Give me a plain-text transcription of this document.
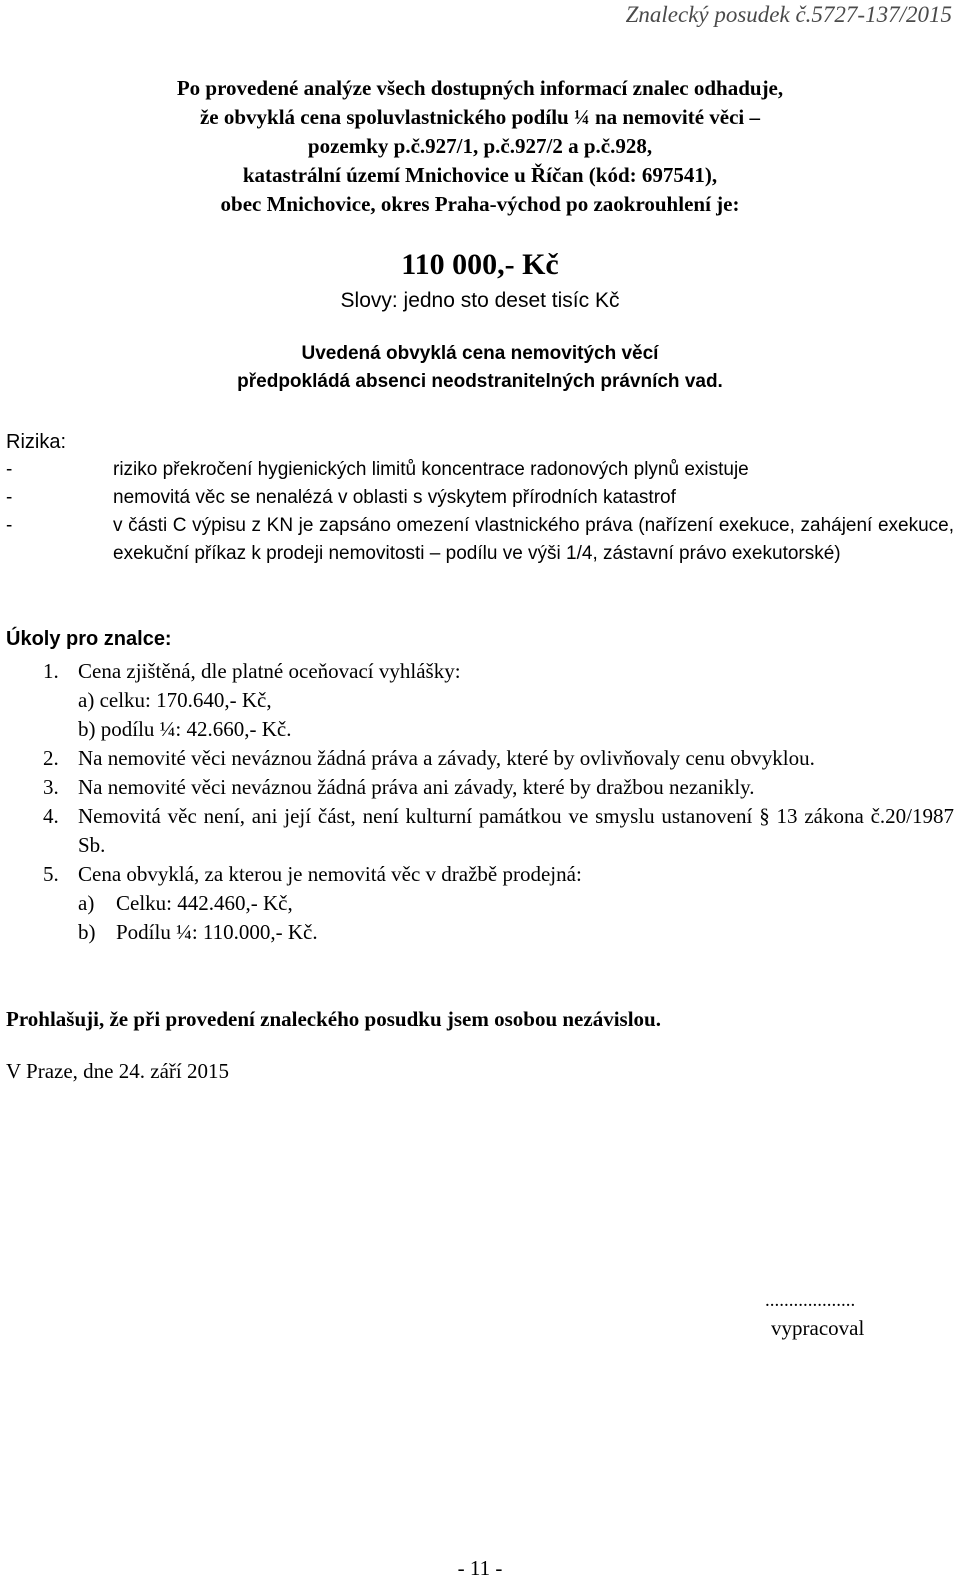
Znalecký posudek č.5727-137/2015
Po provedené analýze všech dostupných informací znalec odhaduje,
že obvyklá cena spoluvlastnického podílu ¼ na nemovité věci –
pozemky p.č.927/1, p.č.927/2 a p.č.928,
katastrální území Mnichovice u Říčan (kód: 697541),
obec Mnichovice, okres Praha-východ po zaokrouhlení je:
110 000,- Kč
Slovy: jedno sto deset tisíc Kč
Uvedená obvyklá cena nemovitých věcí
předpokládá absenci neodstranitelných právních vad.
Rizika:
-	riziko překročení hygienických limitů koncentrace radonových plynů existuje
-	nemovitá věc se nenalézá v oblasti s výskytem přírodních katastrof
-	v části C výpisu z KN je zapsáno omezení vlastnického práva (nařízení exekuce, zahájení exekuce, exekuční příkaz k prodeji nemovitosti – podílu ve výši 1/4, zástavní právo exekutorské)
Úkoly pro znalce:
1. Cena zjištěná, dle platné oceňovací vyhlášky:
a) celku: 170.640,- Kč,
b) podílu ¼: 42.660,- Kč.
2. Na nemovité věci neváznou žádná práva a závady, které by ovlivňovaly cenu obvyklou.
3. Na nemovité věci neváznou žádná práva ani závady, které by dražbou nezanikly.
4. Nemovitá věc není, ani její část, není kulturní památkou ve smyslu ustanovení § 13 zákona č.20/1987 Sb.
5. Cena obvyklá, za kterou je nemovitá věc v dražbě prodejná:
a)	Celku: 442.460,- Kč,
b) Podílu ¼: 110.000,- Kč.
Prohlašuji, že při provedení znaleckého posudku jsem osobou nezávislou.
V Praze, dne 24. září 2015
...................
vypracoval
- 11 -
